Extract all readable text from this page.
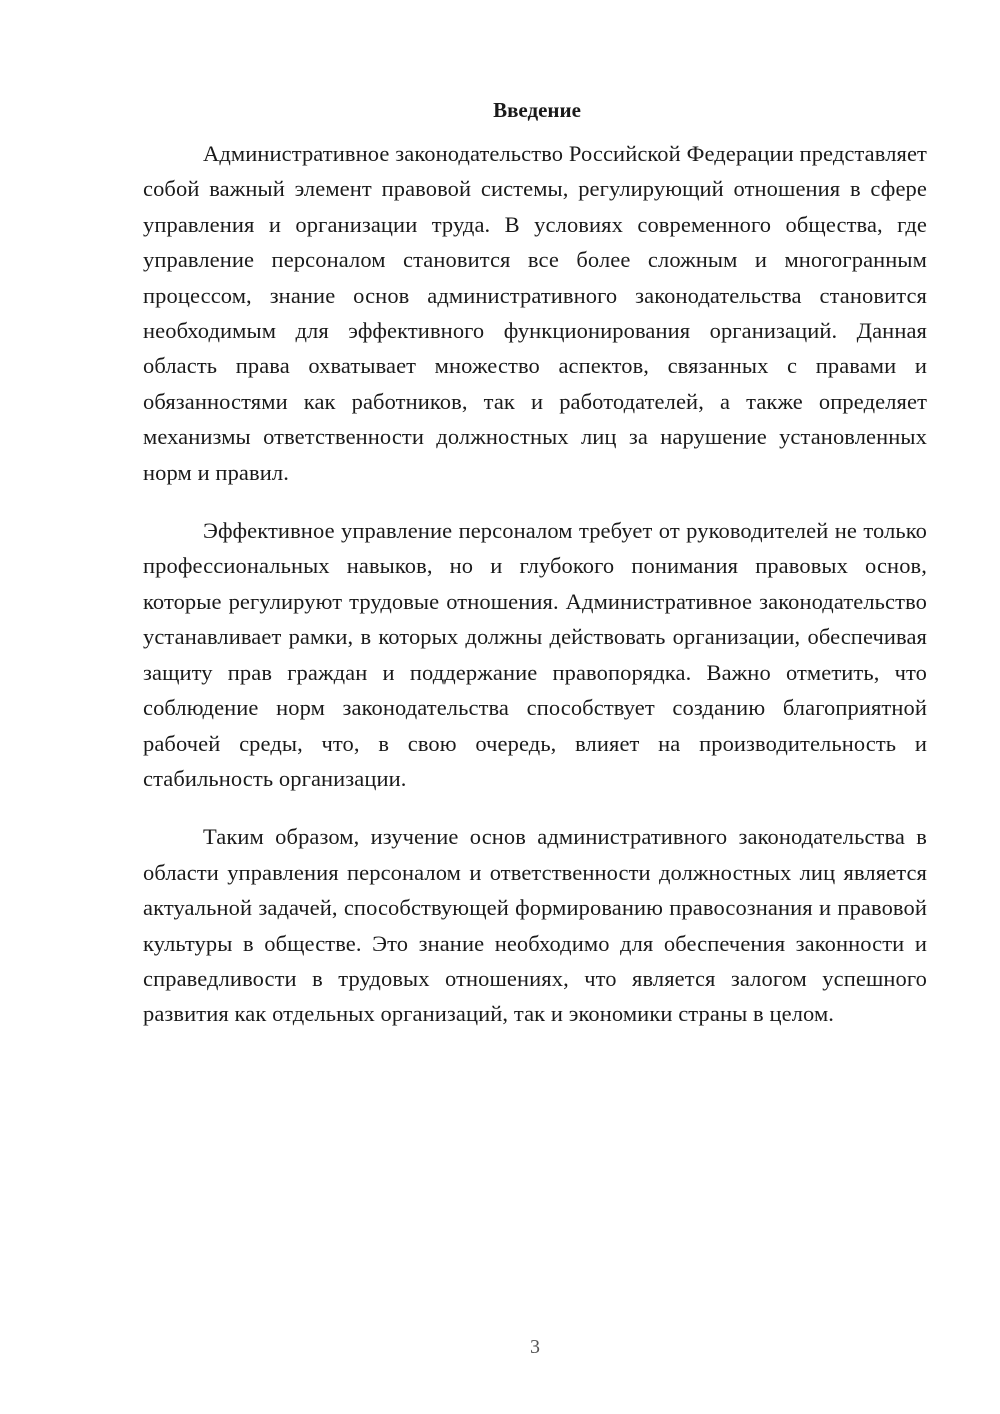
Введение

Административное законодательство Российской Федерации представляет собой важный элемент правовой системы, регулирующий отношения в сфере управления и организации труда. В условиях современного общества, где управление персоналом становится все более сложным и многогранным процессом, знание основ административного законодательства становится необходимым для эффективного функционирования организаций. Данная область права охватывает множество аспектов, связанных с правами и обязанностями как работников, так и работодателей, а также определяет механизмы ответственности должностных лиц за нарушение установленных норм и правил.

Эффективное управление персоналом требует от руководителей не только профессиональных навыков, но и глубокого понимания правовых основ, которые регулируют трудовые отношения. Административное законодательство устанавливает рамки, в которых должны действовать организации, обеспечивая защиту прав граждан и поддержание правопорядка. Важно отметить, что соблюдение норм законодательства способствует созданию благоприятной рабочей среды, что, в свою очередь, влияет на производительность и стабильность организации.

Таким образом, изучение основ административного законодательства в области управления персоналом и ответственности должностных лиц является актуальной задачей, способствующей формированию правосознания и правовой культуры в обществе. Это знание необходимо для обеспечения законности и справедливости в трудовых отношениях, что является залогом успешного развития как отдельных организаций, так и экономики страны в целом.

3
